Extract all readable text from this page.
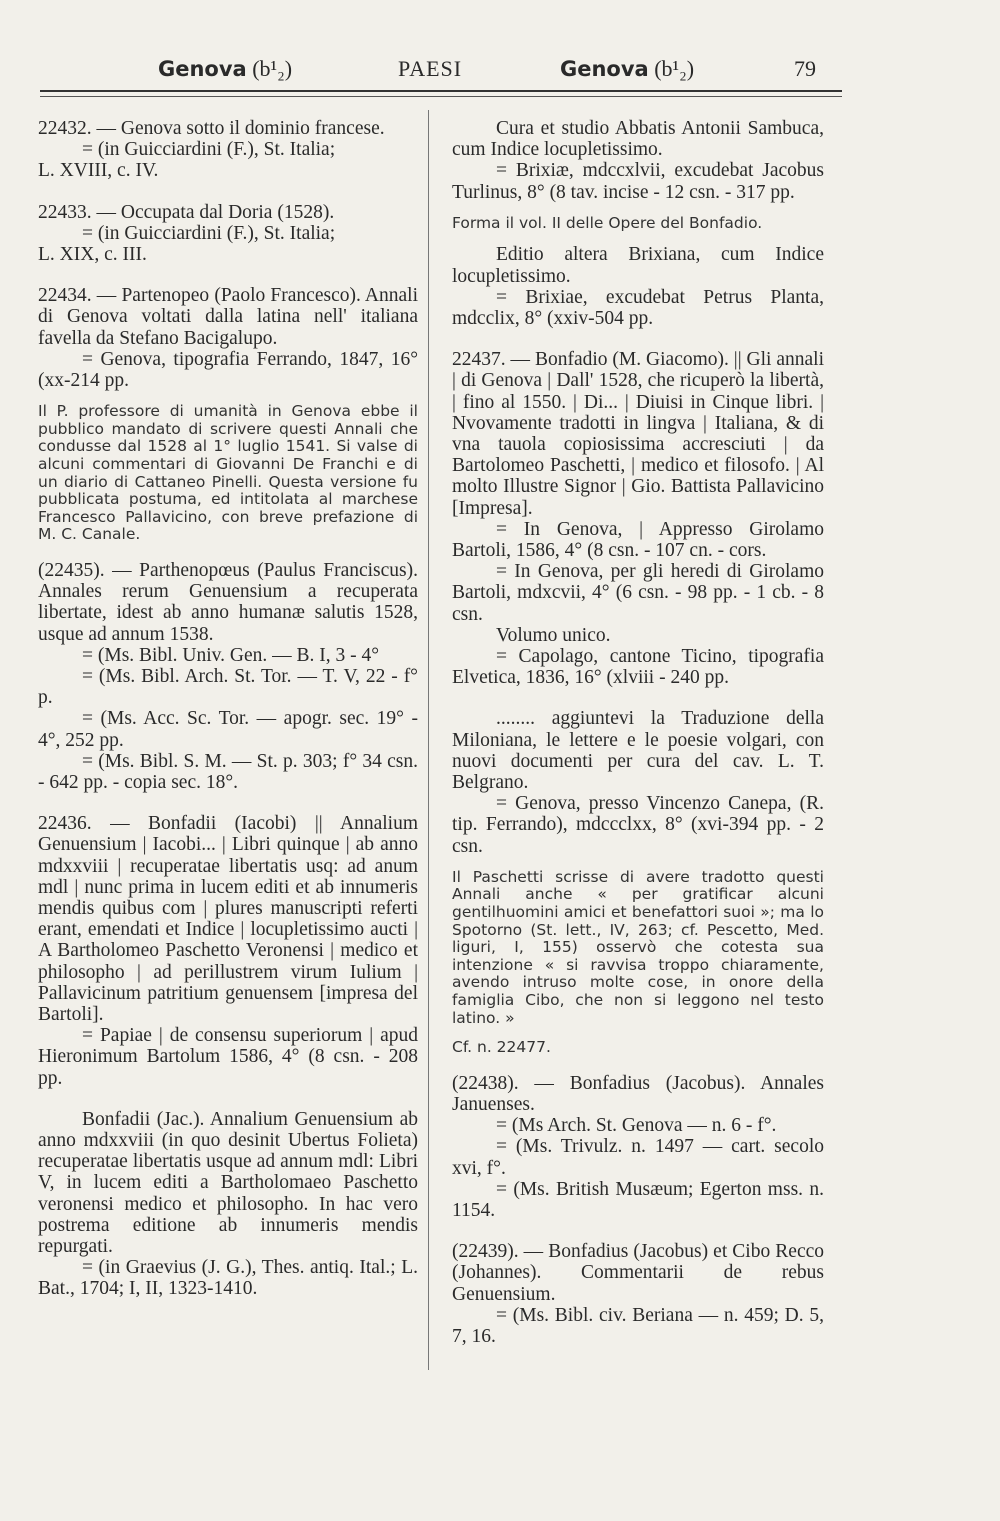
Genova (b¹₂)	PAESI	Genova (b¹₂)	79

22432. — Genova sotto il dominio francese.

= (in Guicciardini (F.), St. Italia;

L. XVIII, c. IV.

22433. — Occupata dal Doria (1528).

= (in Guicciardini (F.), St. Italia;

L. XIX, c. III.

22434. — Partenopeo (Paolo Francesco). Annali di Genova voltati dalla latina nell' italiana favella da Stefano Bacigalupo.

= Genova, tipografia Ferrando, 1847, 16° (xx-214 pp.

Il P. professore di umanità in Genova ebbe il pubblico mandato di scrivere questi Annali che condusse dal 1528 al 1° luglio 1541. Si valse di alcuni commentari di Giovanni De Franchi e di un diario di Cattaneo Pinelli. Questa versione fu pubblicata postuma, ed intitolata al marchese Francesco Pallavicino, con breve prefazione di M. C. Canale.

(22435). — Parthenopœus (Paulus Franciscus). Annales rerum Genuensium a recuperata libertate, idest ab anno humanæ salutis 1528, usque ad annum 1538.

= (Ms. Bibl. Univ. Gen. — B. I, 3 - 4°

= (Ms. Bibl. Arch. St. Tor. — T. V, 22 - f° p.

= (Ms. Acc. Sc. Tor. — apogr. sec. 19° - 4°, 252 pp.

= (Ms. Bibl. S. M. — St. p. 303; f° 34 csn. - 642 pp. - copia sec. 18°.

22436. — Bonfadii (Iacobi) || Annalium Genuensium | Iacobi... | Libri quinque | ab anno mdxxviii | recuperatae libertatis usq: ad anum mdl | nunc prima in lucem editi et ab innumeris mendis quibus com | plures manuscripti referti erant, emendati et Indice | locupletissimo aucti | A Bartholomeo Paschetto Veronensi | medico et philosopho | ad perillustrem virum Iulium | Pallavicinum patritium genuensem [impresa del Bartoli].

= Papiae | de consensu superiorum | apud Hieronimum Bartolum 1586, 4° (8 csn. - 208 pp.

Bonfadii (Jac.). Annalium Genuensium ab anno mdxxviii (in quo desinit Ubertus Folieta) recuperatae libertatis usque ad annum mdl: Libri V, in lucem editi a Bartholomaeo Paschetto veronensi medico et philosopho. In hac vero postrema editione ab innumeris mendis repurgati.

= (in Graevius (J. G.), Thes. antiq. Ital.; L. Bat., 1704; I, II, 1323-1410.

Cura et studio Abbatis Antonii Sambuca, cum Indice locupletissimo.

= Brixiæ, mdccxlvii, excudebat Jacobus Turlinus, 8° (8 tav. incise - 12 csn. - 317 pp.

Forma il vol. II delle Opere del Bonfadio.

Editio altera Brixiana, cum Indice locupletissimo.

= Brixiae, excudebat Petrus Planta, mdcclix, 8° (xxiv-504 pp.

22437. — Bonfadio (M. Giacomo). || Gli annali | di Genova | Dall' 1528, che ricuperò la libertà, | fino al 1550. | Di... | Diuisi in Cinque libri. | Nvovamente tradotti in lingva | Italiana, & di vna tauola copiosissima accresciuti | da Bartolomeo Paschetti, | medico et filosofo. | Al molto Illustre Signor | Gio. Battista Pallavicino [Impresa].

= In Genova, | Appresso Girolamo Bartoli, 1586, 4° (8 csn. - 107 cn. - cors.

= In Genova, per gli heredi di Girolamo Bartoli, mdxcvii, 4° (6 csn. - 98 pp. - 1 cb. - 8 csn.

Volumo unico.

= Capolago, cantone Ticino, tipografia Elvetica, 1836, 16° (xlviii - 240 pp.

........ aggiuntevi la Traduzione della Miloniana, le lettere e le poesie volgari, con nuovi documenti per cura del cav. L. T. Belgrano.

= Genova, presso Vincenzo Canepa, (R. tip. Ferrando), mdccclxx, 8° (xvi-394 pp. - 2 csn.

Il Paschetti scrisse di avere tradotto questi Annali anche « per gratificar alcuni gentilhuomini amici et benefattori suoi »; ma lo Spotorno (St. lett., IV, 263; cf. Pescetto, Med. liguri, I, 155) osservò che cotesta sua intenzione « si ravvisa troppo chiaramente, avendo intruso molte cose, in onore della famiglia Cibo, che non si leggono nel testo latino. »

Cf. n. 22477.

(22438). — Bonfadius (Jacobus). Annales Januenses.

= (Ms Arch. St. Genova — n. 6 - f°.

= (Ms. Trivulz. n. 1497 — cart. secolo xvi, f°.

= (Ms. British Musæum; Egerton mss. n. 1154.

(22439). — Bonfadius (Jacobus) et Cibo Recco (Johannes). Commentarii de rebus Genuensium.

= (Ms. Bibl. civ. Beriana — n. 459; D. 5, 7, 16.
